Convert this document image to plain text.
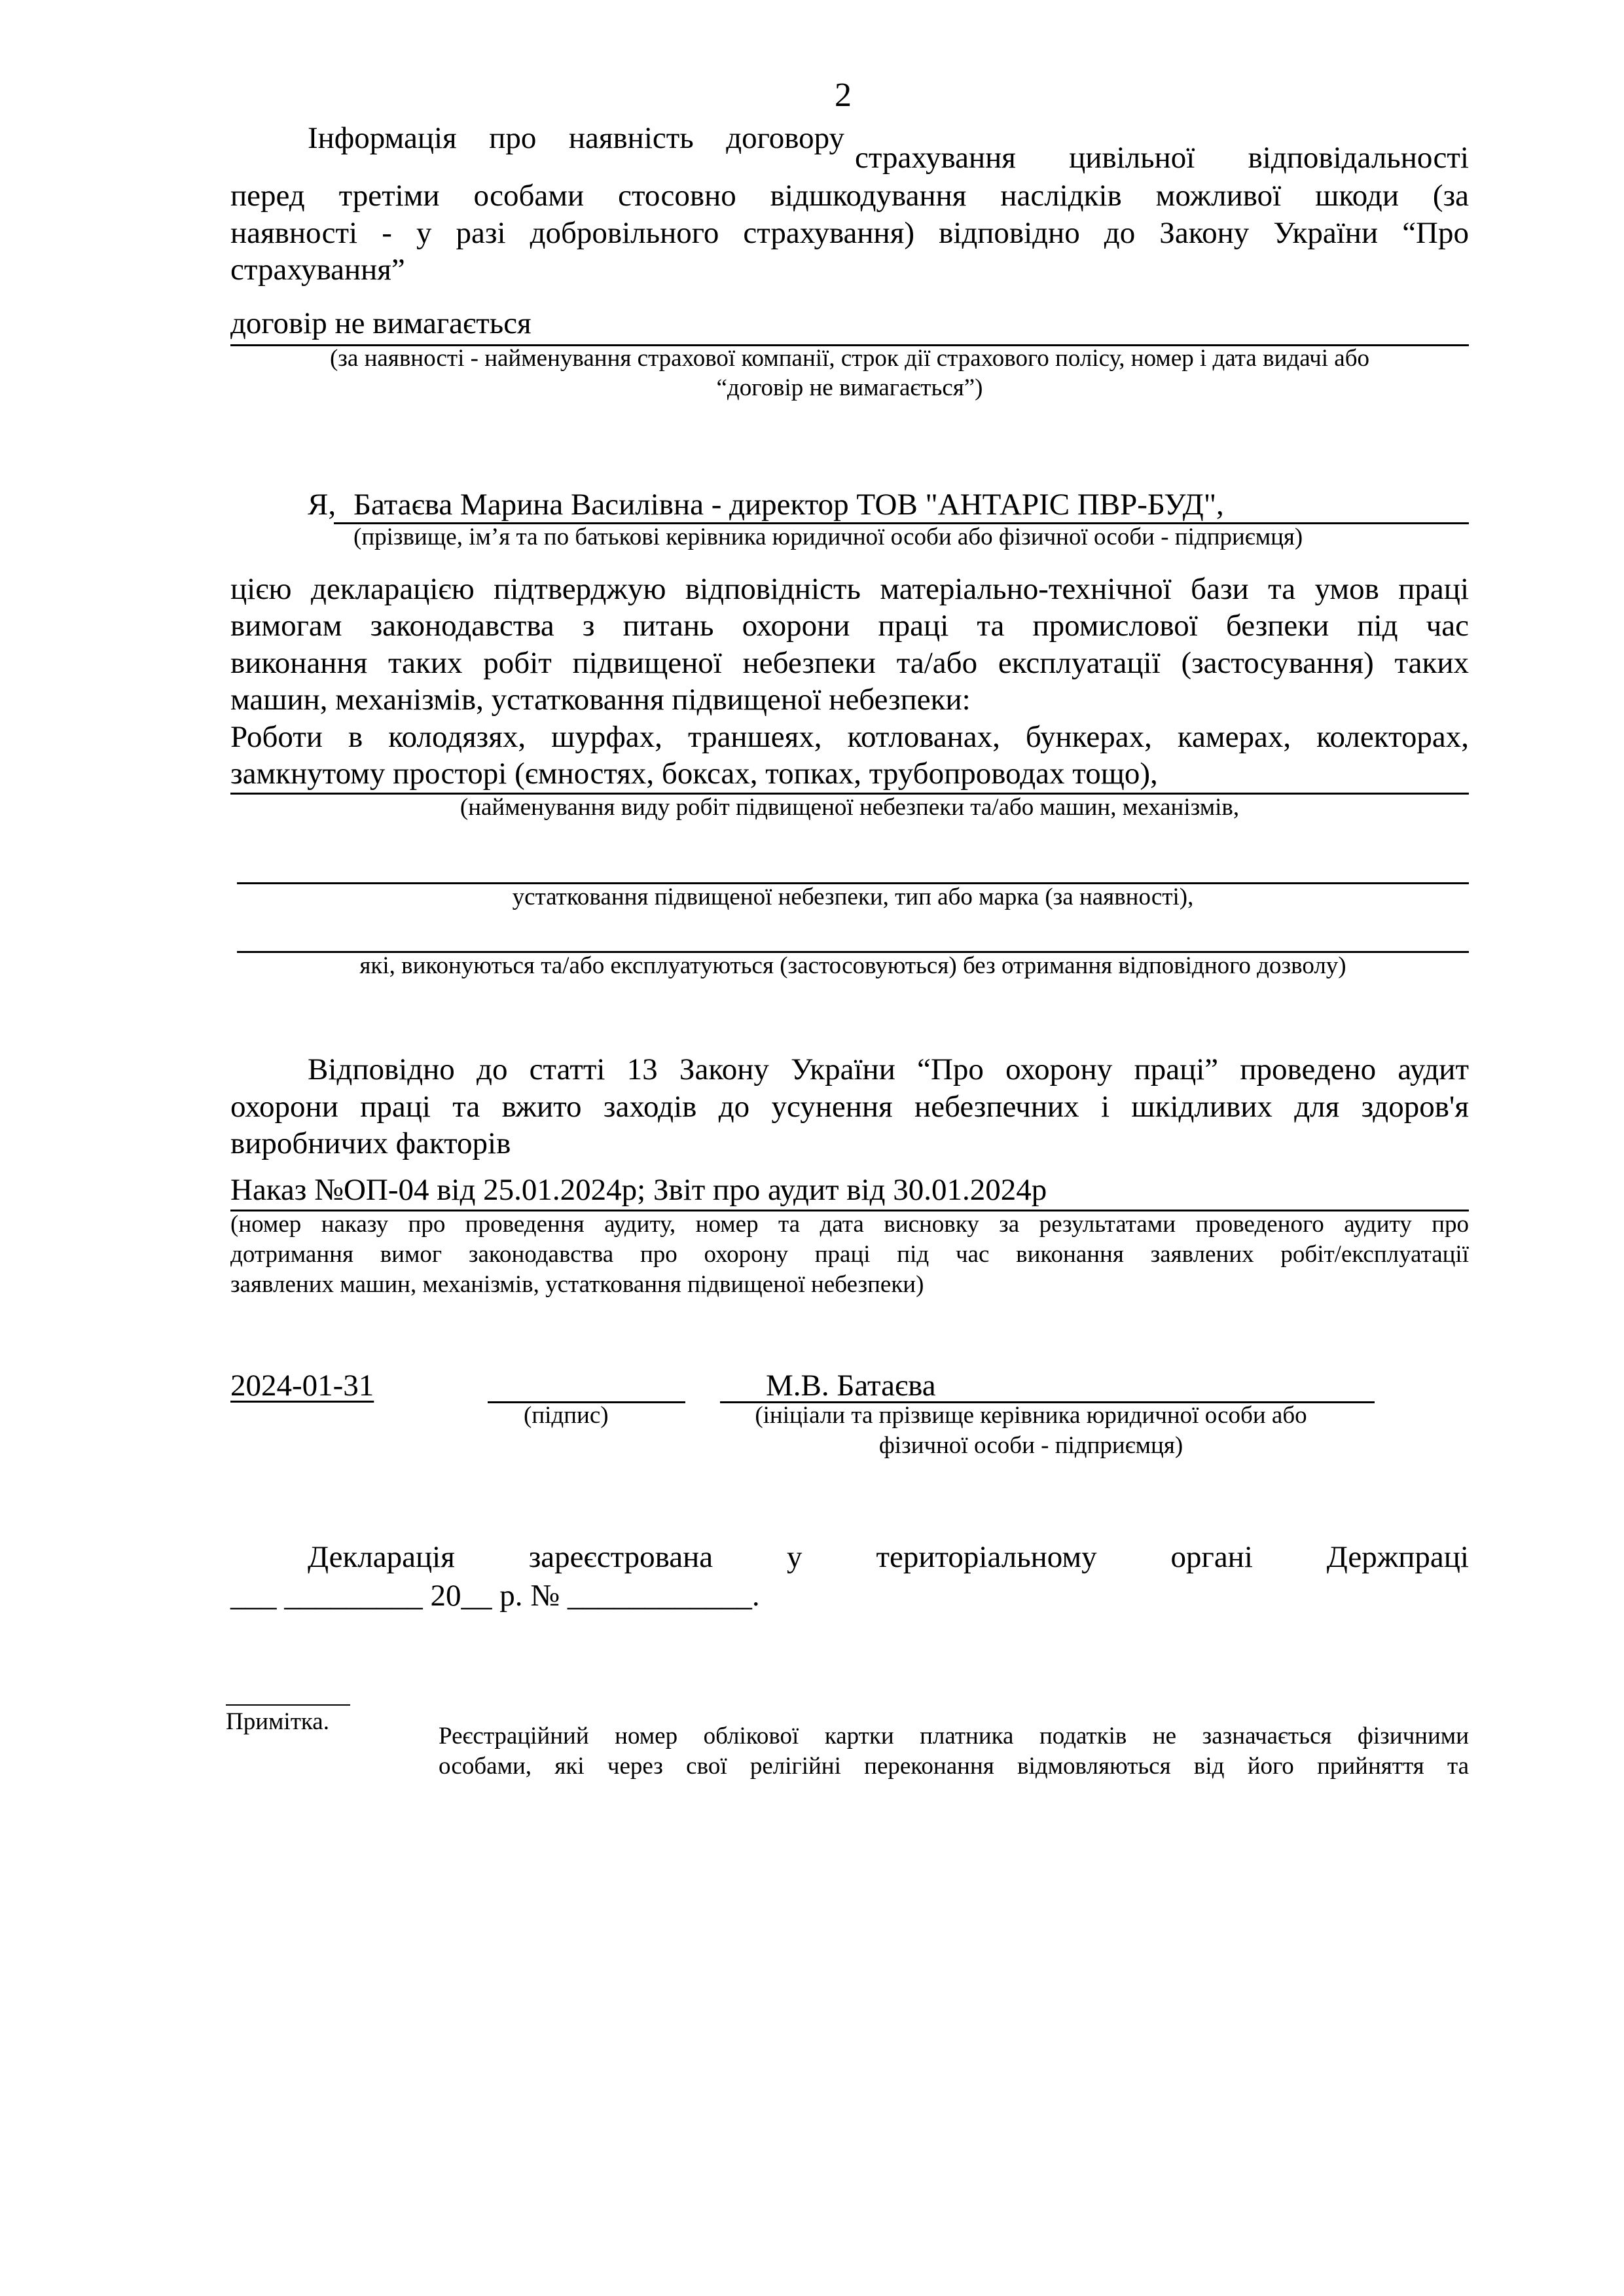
2
Інформація про наявність договору
страхування цивільної відповідальності
перед третіми особами стосовно відшкодування наслідків можливої шкоди (за
наявності - у разі добровільного страхування) відповідно до Закону України “Про
страхування”
договір не вимагається
(за наявності - найменування страхової компанії, строк дії страхового полісу, номер і дата видачі або
“договір не вимагається”)
Я, Батаєва Марина Василівна - директор ТОВ "АНТАРІС ПВР-БУД",
(прізвище, ім’я та по батькові керівника юридичної особи або фізичної особи - підприємця)
цією декларацією підтверджую відповідність матеріально-технічної бази та умов праці
вимогам законодавства з питань охорони праці та промислової безпеки під час
виконання таких робіт підвищеної небезпеки та/або експлуатації (застосування) таких
машин, механізмів, устатковання підвищеної небезпеки:
Роботи в колодязях, шурфах, траншеях, котлованах, бункерах, камерах, колекторах,
замкнутому просторі (ємностях, боксах, топках, трубопроводах тощо),
(найменування виду робіт підвищеної небезпеки та/або машин, механізмів,
устатковання підвищеної небезпеки, тип або марка (за наявності),
які, виконуються та/або експлуатуються (застосовуються) без отримання відповідного дозволу)
Відповідно до статті 13 Закону України “Про охорону праці” проведено аудит
охорони праці та вжито заходів до усунення небезпечних і шкідливих для здоров'я
виробничих факторів
Наказ №ОП-04 від 25.01.2024р; Звіт про аудит від 30.01.2024р
(номер наказу про проведення аудиту, номер та дата висновку за результатами проведеного аудиту про
дотримання вимог законодавства про охорону праці під час виконання заявлених робіт/експлуатації
заявлених машин, механізмів, устатковання підвищеної небезпеки)
2024-01-31
(підпис)
М.В. Батаєва
(ініціали та прізвище керівника юридичної особи або
фізичної особи - підприємця)
Декларація зареєстрована у територіальному органі Держпраці
___ _________ 20__ р. № ____________.
Примітка.
Реєстраційний номер облікової картки платника податків не зазначається фізичними
особами, які через свої релігійні переконання відмовляються від його прийняття та
